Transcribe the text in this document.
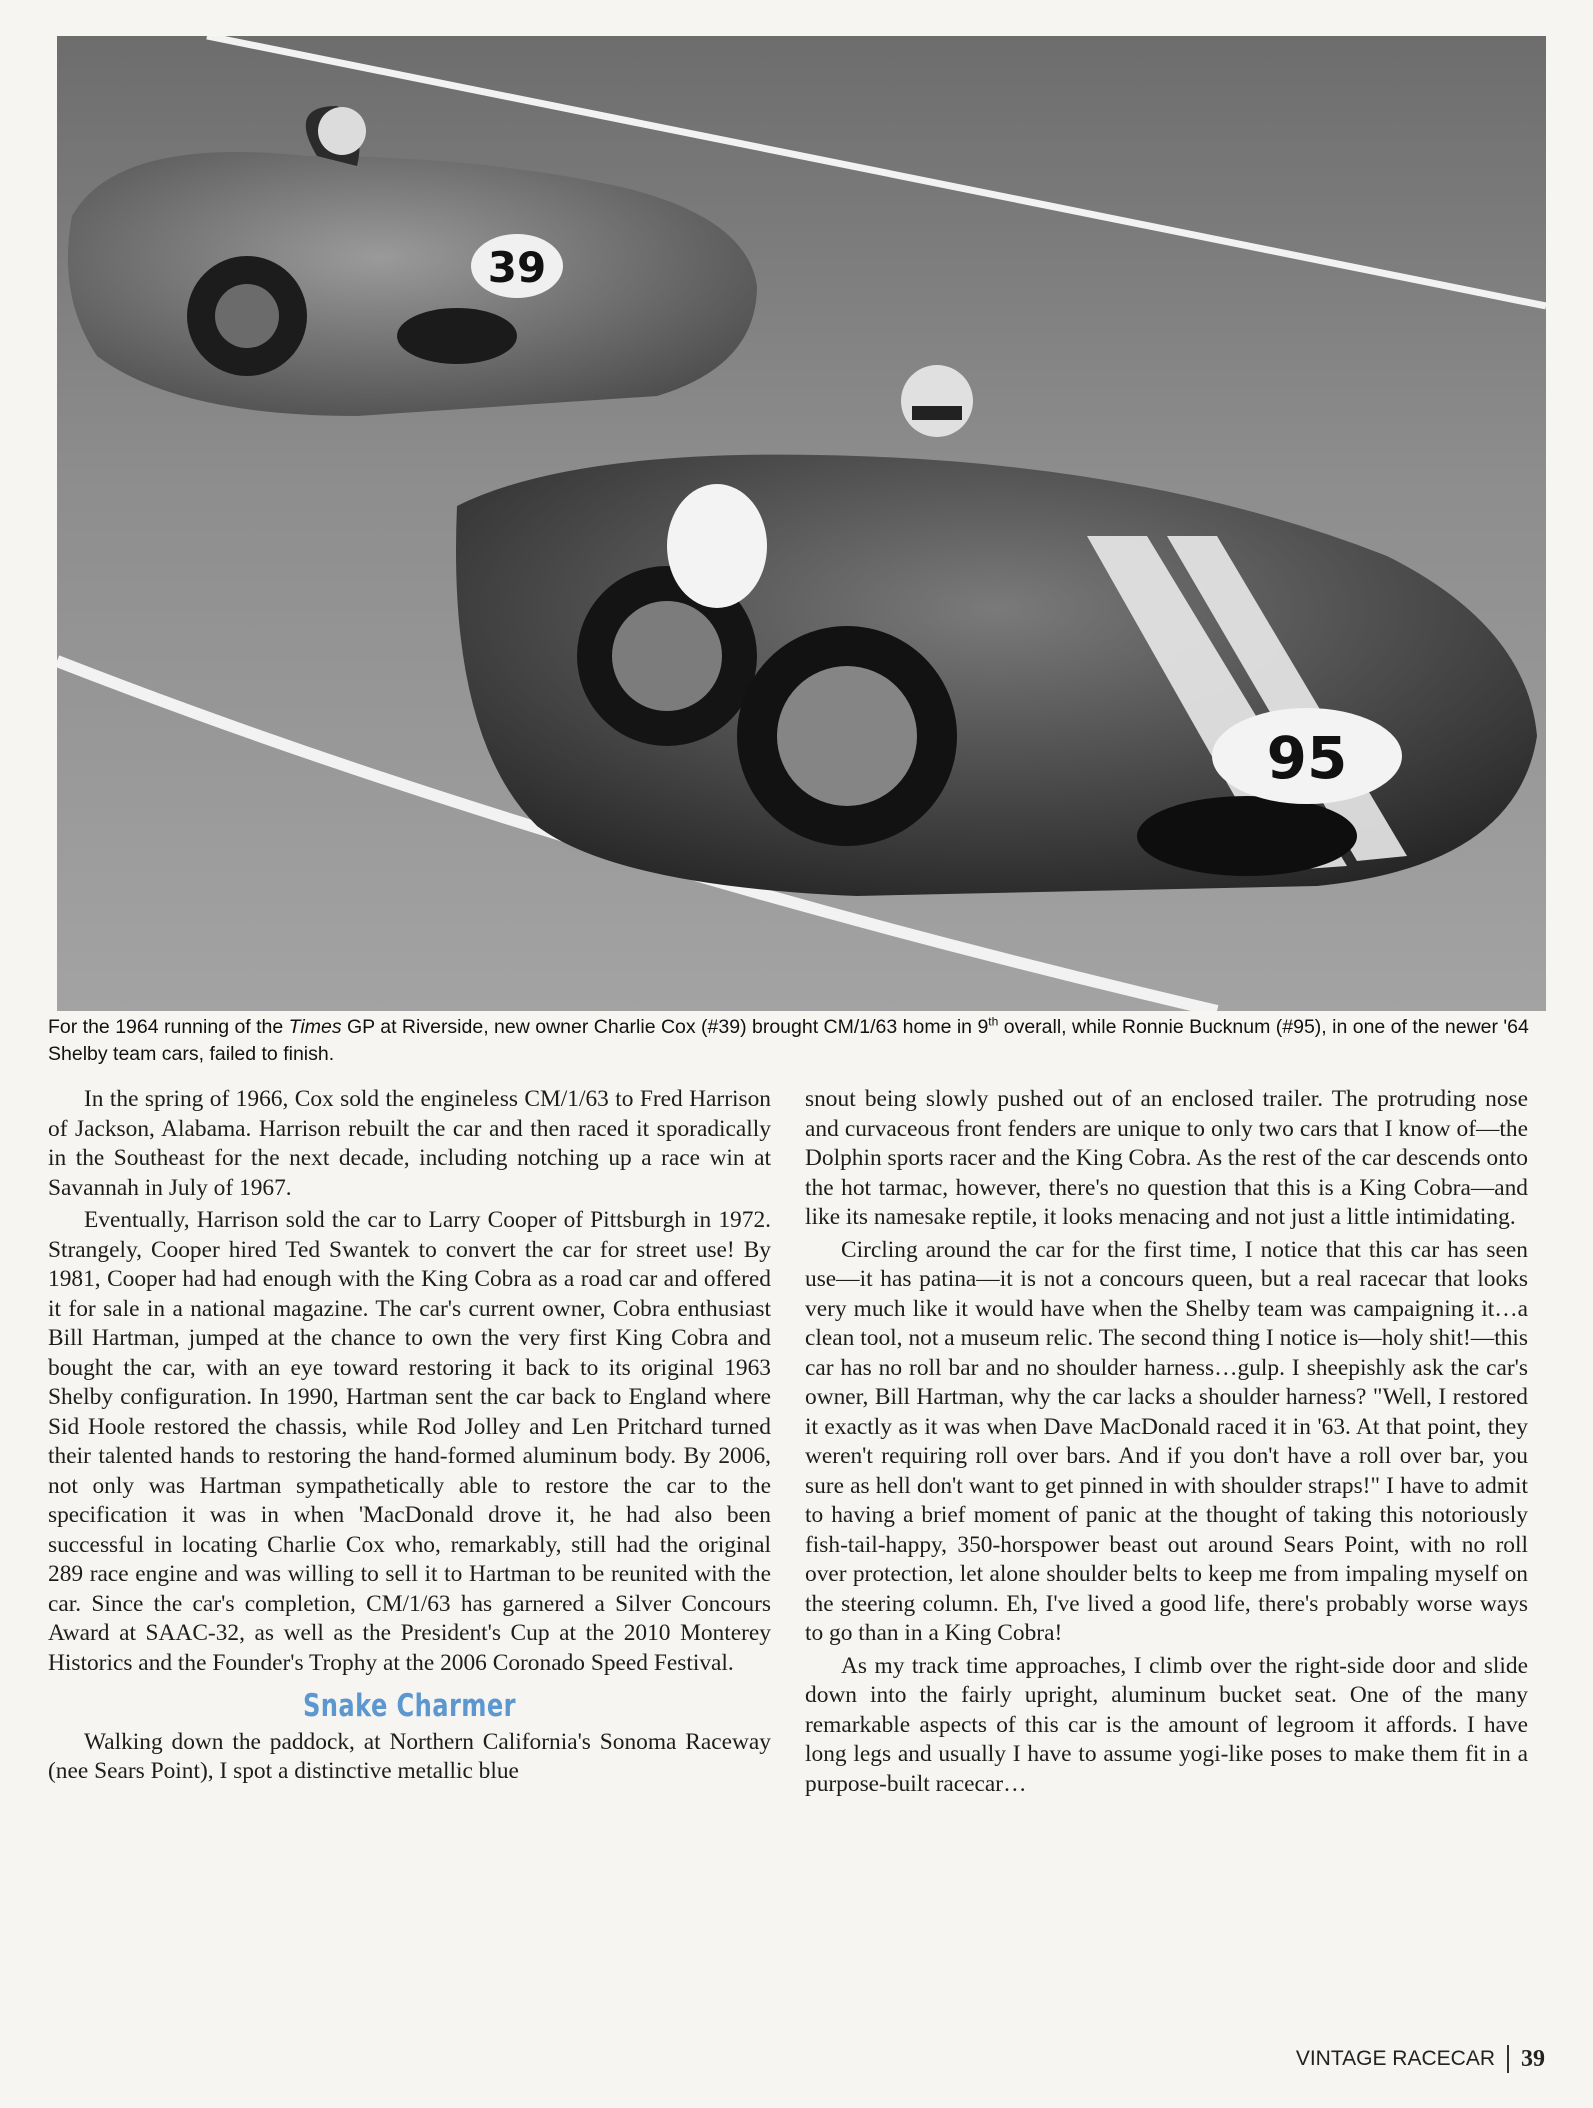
39
95
For the 1964 running of the Times GP at Riverside, new owner Charlie Cox (#39) brought CM/1/63 home in 9th overall, while Ronnie Bucknum (#95), in one of the newer '64 Shelby team cars, failed to finish.

In the spring of 1966, Cox sold the engineless CM/1/63 to Fred Harrison of Jackson, Alabama. Harrison rebuilt the car and then raced it sporadically in the Southeast for the next decade, including notching up a race win at Savannah in July of 1967.

Eventually, Harrison sold the car to Larry Cooper of Pittsburgh in 1972. Strangely, Cooper hired Ted Swantek to convert the car for street use! By 1981, Cooper had had enough with the King Cobra as a road car and offered it for sale in a national magazine. The car's current owner, Cobra enthusiast Bill Hartman, jumped at the chance to own the very first King Cobra and bought the car, with an eye toward restoring it back to its original 1963 Shelby configuration. In 1990, Hartman sent the car back to England where Sid Hoole restored the chassis, while Rod Jolley and Len Pritchard turned their talented hands to restoring the hand-formed aluminum body. By 2006, not only was Hartman sympathetically able to restore the car to the specification it was in when 'MacDonald drove it, he had also been successful in locating Charlie Cox who, remarkably, still had the original 289 race engine and was willing to sell it to Hartman to be reunited with the car. Since the car's completion, CM/1/63 has garnered a Silver Concours Award at SAAC-32, as well as the President's Cup at the 2010 Monterey Historics and the Founder's Trophy at the 2006 Coronado Speed Festival.

Snake Charmer

Walking down the paddock, at Northern California's Sonoma Raceway (nee Sears Point), I spot a distinctive metallic blue

snout being slowly pushed out of an enclosed trailer. The protruding nose and curvaceous front fenders are unique to only two cars that I know of—the Dolphin sports racer and the King Cobra. As the rest of the car descends onto the hot tarmac, however, there's no question that this is a King Cobra—and like its namesake reptile, it looks menacing and not just a little intimidating.

Circling around the car for the first time, I notice that this car has seen use—it has patina—it is not a concours queen, but a real racecar that looks very much like it would have when the Shelby team was campaigning it…a clean tool, not a museum relic. The second thing I notice is—holy shit!—this car has no roll bar and no shoulder harness…gulp. I sheepishly ask the car's owner, Bill Hartman, why the car lacks a shoulder harness? "Well, I restored it exactly as it was when Dave MacDonald raced it in '63. At that point, they weren't requiring roll over bars. And if you don't have a roll over bar, you sure as hell don't want to get pinned in with shoulder straps!" I have to admit to having a brief moment of panic at the thought of taking this notoriously fish-tail-happy, 350-horspower beast out around Sears Point, with no roll over protection, let alone shoulder belts to keep me from impaling myself on the steering column. Eh, I've lived a good life, there's probably worse ways to go than in a King Cobra!

As my track time approaches, I climb over the right-side door and slide down into the fairly upright, aluminum bucket seat. One of the many remarkable aspects of this car is the amount of legroom it affords. I have long legs and usually I have to assume yogi-like poses to make them fit in a purpose-built racecar…

VINTAGE RACECAR 39
